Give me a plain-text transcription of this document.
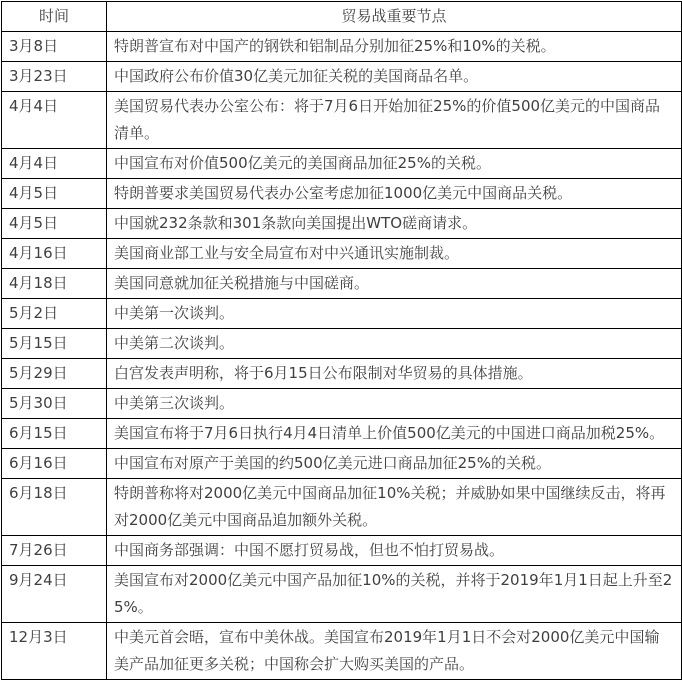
时间	贸易战重要节点
3月8日	特朗普宣布对中国产的钢铁和铝制品分别加征25%和10%的关税。
3月23日	中国政府公布价值30亿美元加征关税的美国商品名单。
4月4日	美国贸易代表办公室公布：将于7月6日开始加征25%的价值500亿美元的中国商品清单。
4月4日	中国宣布对价值500亿美元的美国商品加征25%的关税。
4月5日	特朗普要求美国贸易代表办公室考虑加征1000亿美元中国商品关税。
4月5日	中国就232条款和301条款向美国提出WTO磋商请求。
4月16日	美国商业部工业与安全局宣布对中兴通讯实施制裁。
4月18日	美国同意就加征关税措施与中国磋商。
5月2日	中美第一次谈判。
5月15日	中美第二次谈判。
5月29日	白宫发表声明称，将于6月15日公布限制对华贸易的具体措施。
5月30日	中美第三次谈判。
6月15日	美国宣布将于7月6日执行4月4日清单上价值500亿美元的中国进口商品加税25%。
6月16日	中国宣布对原产于美国的约500亿美元进口商品加征25%的关税。
6月18日	特朗普称将对2000亿美元中国商品加征10%关税；并威胁如果中国继续反击，将再对2000亿美元中国商品追加额外关税。
7月26日	中国商务部强调：中国不愿打贸易战，但也不怕打贸易战。
9月24日	美国宣布对2000亿美元中国产品加征10%的关税，并将于2019年1月1日起上升至25%。
12月3日	中美元首会晤，宣布中美休战。美国宣布2019年1月1日不会对2000亿美元中国输美产品加征更多关税；中国称会扩大购买美国的产品。
